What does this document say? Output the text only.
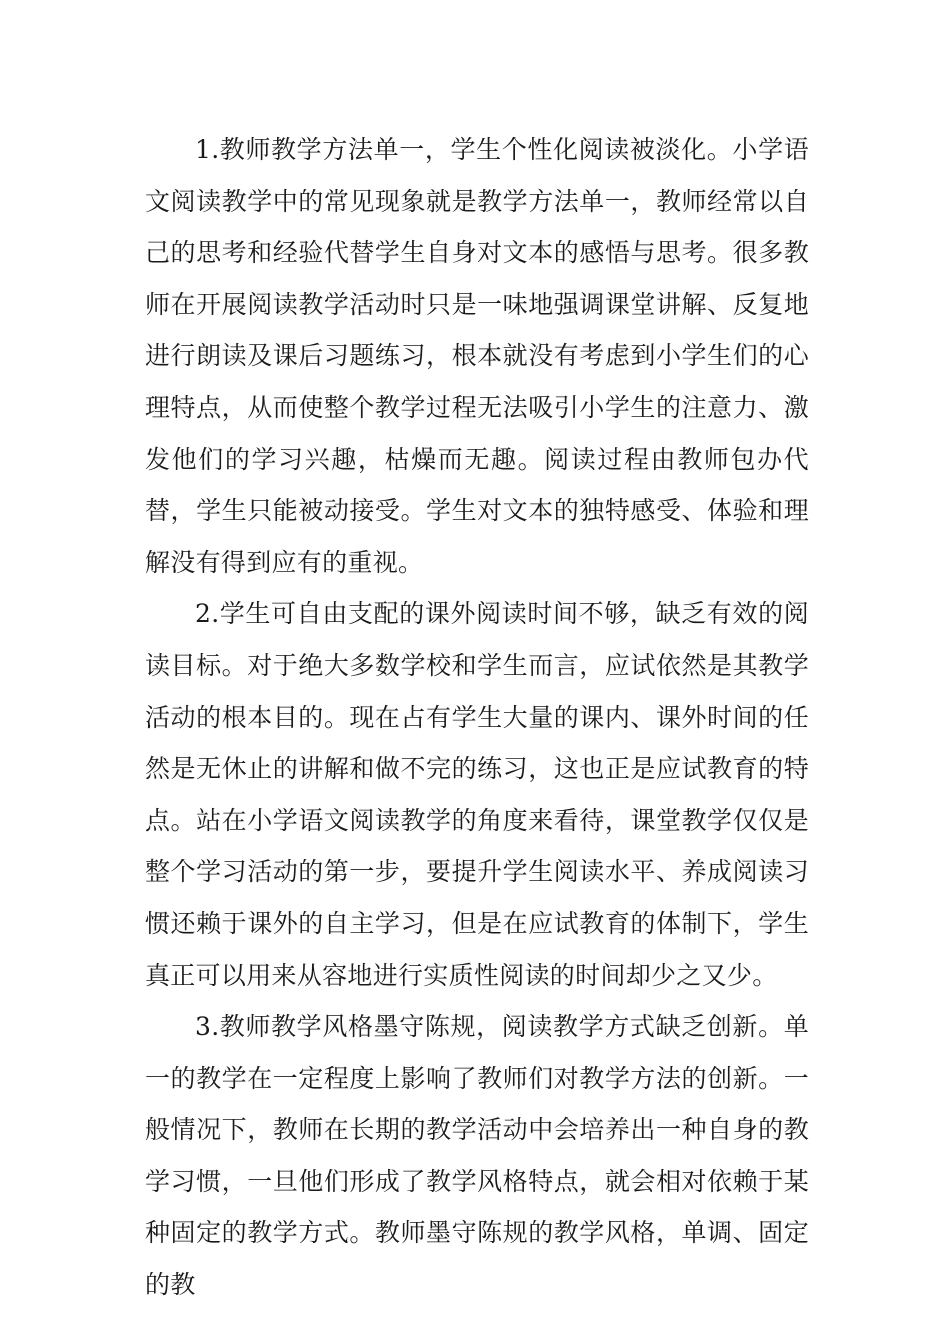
1.教师教学方法单一，学生个性化阅读被淡化。小学语文阅读教学中的常见现象就是教学方法单一，教师经常以自己的思考和经验代替学生自身对文本的感悟与思考。很多教师在开展阅读教学活动时只是一味地强调课堂讲解、反复地进行朗读及课后习题练习，根本就没有考虑到小学生们的心理特点，从而使整个教学过程无法吸引小学生的注意力、激发他们的学习兴趣，枯燥而无趣。阅读过程由教师包办代替，学生只能被动接受。学生对文本的独特感受、体验和理解没有得到应有的重视。

2.学生可自由支配的课外阅读时间不够，缺乏有效的阅读目标。对于绝大多数学校和学生而言，应试依然是其教学活动的根本目的。现在占有学生大量的课内、课外时间的任然是无休止的讲解和做不完的练习，这也正是应试教育的特点。站在小学语文阅读教学的角度来看待，课堂教学仅仅是整个学习活动的第一步，要提升学生阅读水平、养成阅读习惯还赖于课外的自主学习，但是在应试教育的体制下，学生真正可以用来从容地进行实质性阅读的时间却少之又少。

3.教师教学风格墨守陈规，阅读教学方式缺乏创新。单一的教学在一定程度上影响了教师们对教学方法的创新。一般情况下，教师在长期的教学活动中会培养出一种自身的教学习惯，一旦他们形成了教学风格特点，就会相对依赖于某种固定的教学方式。教师墨守陈规的教学风格，单调、固定的教
